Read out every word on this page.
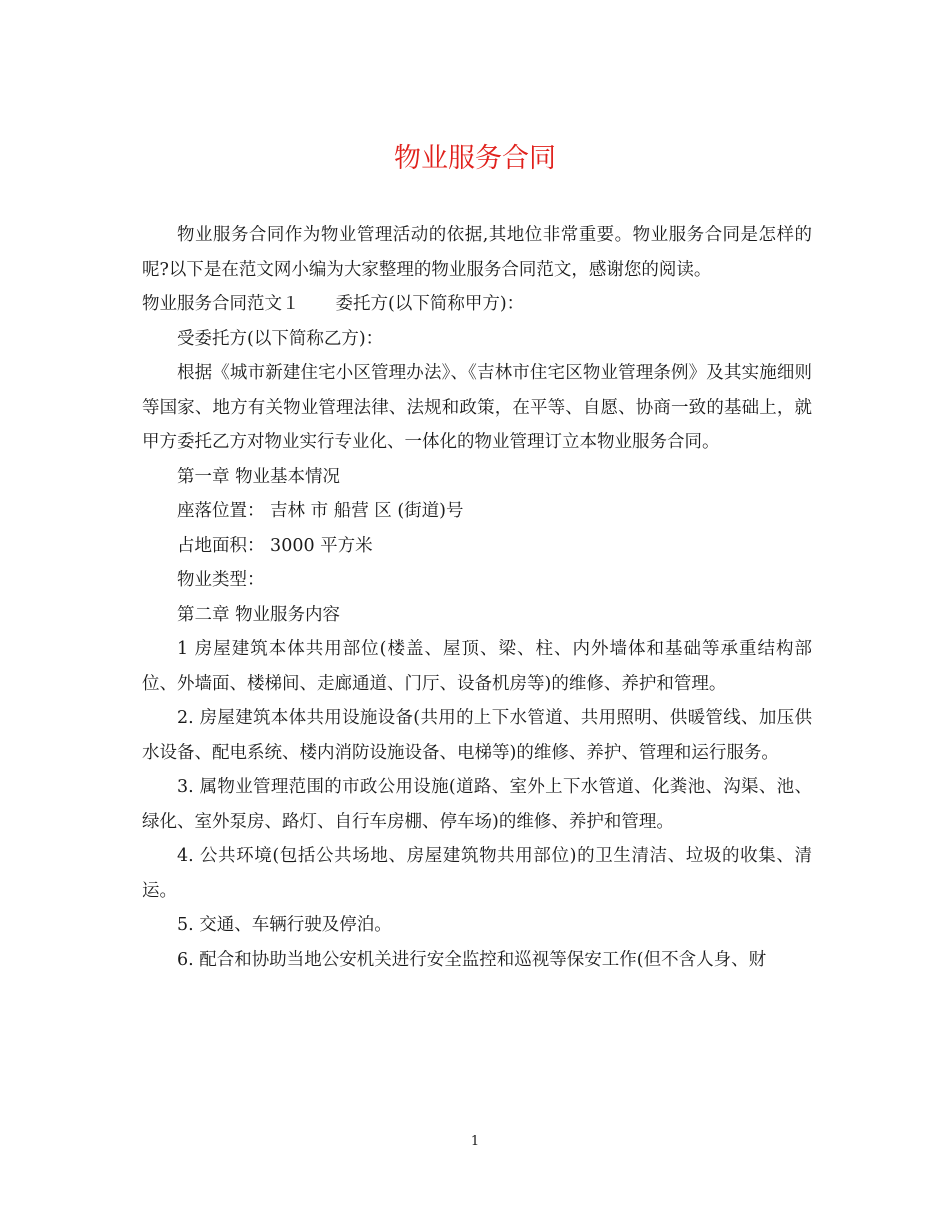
物业服务合同

物业服务合同作为物业管理活动的依据,其地位非常重要。物业服务合同是怎样的呢?以下是在范文网小编为大家整理的物业服务合同范文，感谢您的阅读。

物业服务合同范文１ 委托方(以下简称甲方)：

受委托方(以下简称乙方)：

根据《城市新建住宅小区管理办法》、《吉林市住宅区物业管理条例》及其实施细则等国家、地方有关物业管理法律、法规和政策，在平等、自愿、协商一致的基础上，就甲方委托乙方对物业实行专业化、一体化的物业管理订立本物业服务合同。

第一章 物业基本情况

座落位置： 吉林 市 船营 区 (街道)号

占地面积： 3000 平方米

物业类型：

第二章 物业服务内容

1 房屋建筑本体共用部位(楼盖、屋顶、梁、柱、内外墙体和基础等承重结构部位、外墙面、楼梯间、走廊通道、门厅、设备机房等)的维修、养护和管理。

2. 房屋建筑本体共用设施设备(共用的上下水管道、共用照明、供暖管线、加压供水设备、配电系统、楼内消防设施设备、电梯等)的维修、养护、管理和运行服务。

3. 属物业管理范围的市政公用设施(道路、室外上下水管道、化粪池、沟渠、池、绿化、室外泵房、路灯、自行车房棚、停车场)的维修、养护和管理。

4. 公共环境(包括公共场地、房屋建筑物共用部位)的卫生清洁、垃圾的收集、清运。

5. 交通、车辆行驶及停泊。

6. 配合和协助当地公安机关进行安全监控和巡视等保安工作(但不含人身、财

1
